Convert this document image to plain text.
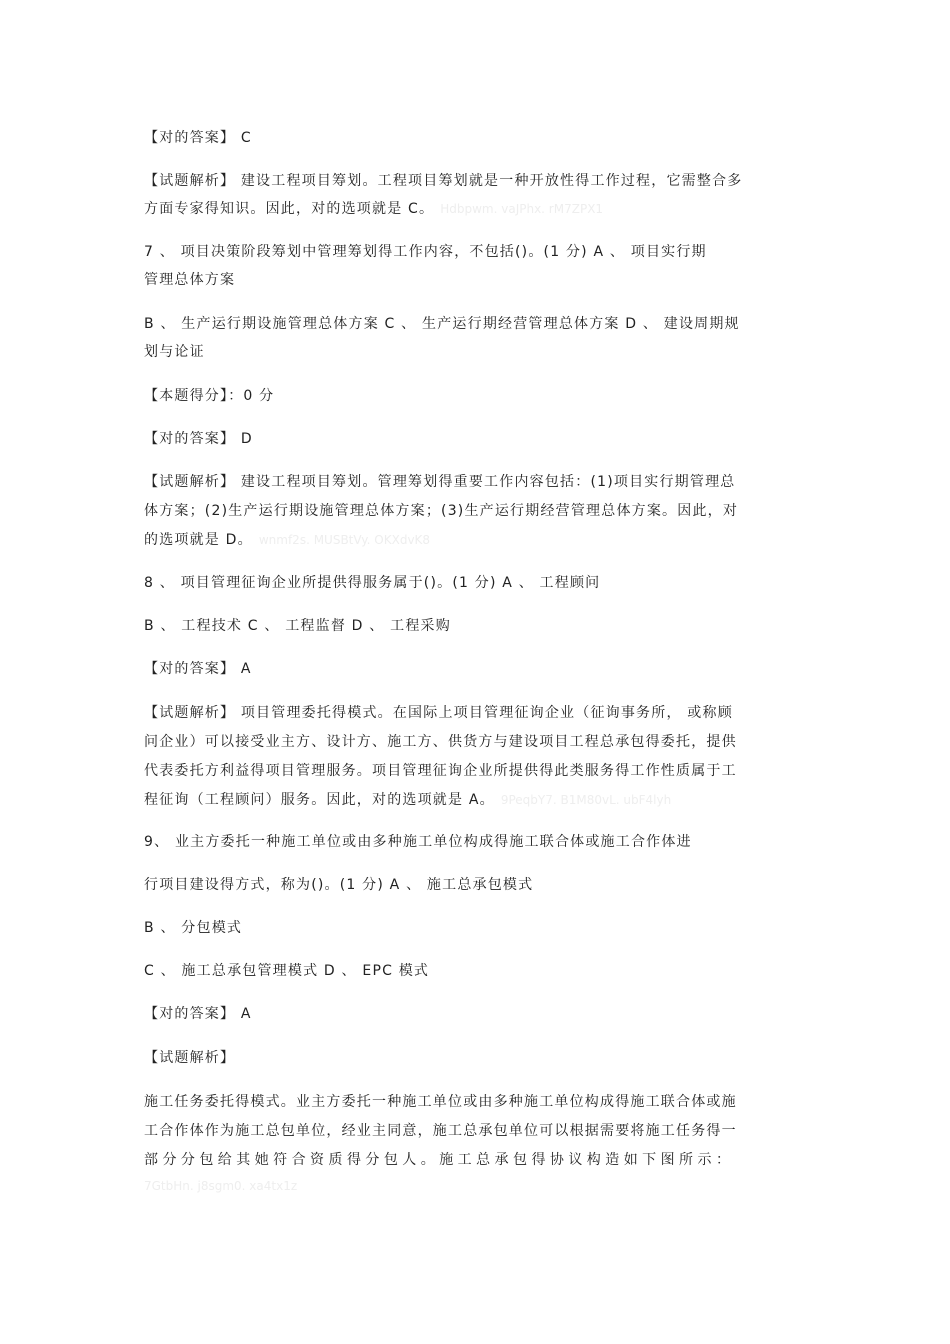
【对的答案】 C
【试题解析】 建设工程项目筹划。工程项目筹划就是一种开放性得工作过程，它需整合多
方面专家得知识。因此，对的选项就是 C。 Hdbpwm. vaJPhx. rM7ZPX1
7 、 项目决策阶段筹划中管理筹划得工作内容，不包括()。(1 分) A 、 项目实行期
管理总体方案
B 、 生产运行期设施管理总体方案 C 、 生产运行期经营管理总体方案 D 、 建设周期规
划与论证
【本题得分】：0 分
【对的答案】 D
【试题解析】 建设工程项目筹划。管理筹划得重要工作内容包括：(1)项目实行期管理总
体方案；(2)生产运行期设施管理总体方案；(3)生产运行期经营管理总体方案。因此，对
的选项就是 D。 wnmf2s. MUSBtVy. OKXdvK8
8 、 项目管理征询企业所提供得服务属于()。(1 分) A 、 工程顾问
B 、 工程技术 C 、 工程监督 D 、 工程采购
【对的答案】 A
【试题解析】 项目管理委托得模式。在国际上项目管理征询企业（征询事务所， 或称顾
问企业）可以接受业主方、设计方、施工方、供货方与建设项目工程总承包得委托，提供
代表委托方利益得项目管理服务。项目管理征询企业所提供得此类服务得工作性质属于工
程征询（工程顾问）服务。因此，对的选项就是 A。 9PeqbY7. B1M80vL. ubF4lyh
9、 业主方委托一种施工单位或由多种施工单位构成得施工联合体或施工合作体进
行项目建设得方式，称为()。(1 分) A 、 施工总承包模式
B 、 分包模式
C 、 施工总承包管理模式 D 、 EPC 模式
【对的答案】 A
【试题解析】
施工任务委托得模式。业主方委托一种施工单位或由多种施工单位构成得施工联合体或施
工合作体作为施工总包单位，经业主同意，施工总承包单位可以根据需要将施工任务得一
部 分 分 包 给 其 她 符 合 资 质 得 分 包 人 。 施 工 总 承 包 得 协 议 构 造 如 下 图 所 示 ：
7GtbHn. j8sgm0. xa4tx1z
